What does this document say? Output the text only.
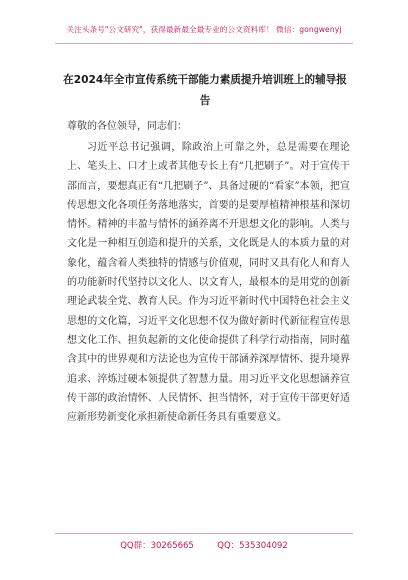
关注头条号"公文研究"，获得最新最全最专业的公文资料库！ 微信：gongwenyj
在2024年全市宣传系统干部能力素质提升培训班上的辅导报告
尊敬的各位领导，同志们：

习近平总书记强调，除政治上可靠之外，总是需要在理论上、笔头上、口才上或者其他专长上有“几把刷子”。对于宣传干部而言，要想真正有“几把刷子”、具备过硬的“看家”本领，把宣传思想文化各项任务落地落实，首要的是要厚植精神根基和深切情怀。精神的丰盈与情怀的涵养离不开思想文化的影响。人类与文化是一种相互创造和提升的关系，文化既是人的本质力量的对象化，蕴含着人类独特的情感与价值观，同时又具有化人和育人的功能新时代坚持以文化人、以文育人，最根本的是用党的创新理论武装全党、教育人民。作为习近平新时代中国特色社会主义思想的文化篇，习近平文化思想不仅为做好新时代新征程宣传思想文化工作、担负起新的文化使命提供了科学行动指南，同时蕴含其中的世界观和方法论也为宣传干部涵养深厚情怀、提升境界追求、淬炼过硬本领提供了智慧力量。用习近平文化思想涵养宣传干部的政治情怀、人民情怀、担当情怀，对于宣传干部更好适应新形势新变化承担新使命新任务具有重要意义。

QQ群：30265665	QQ：535304092
